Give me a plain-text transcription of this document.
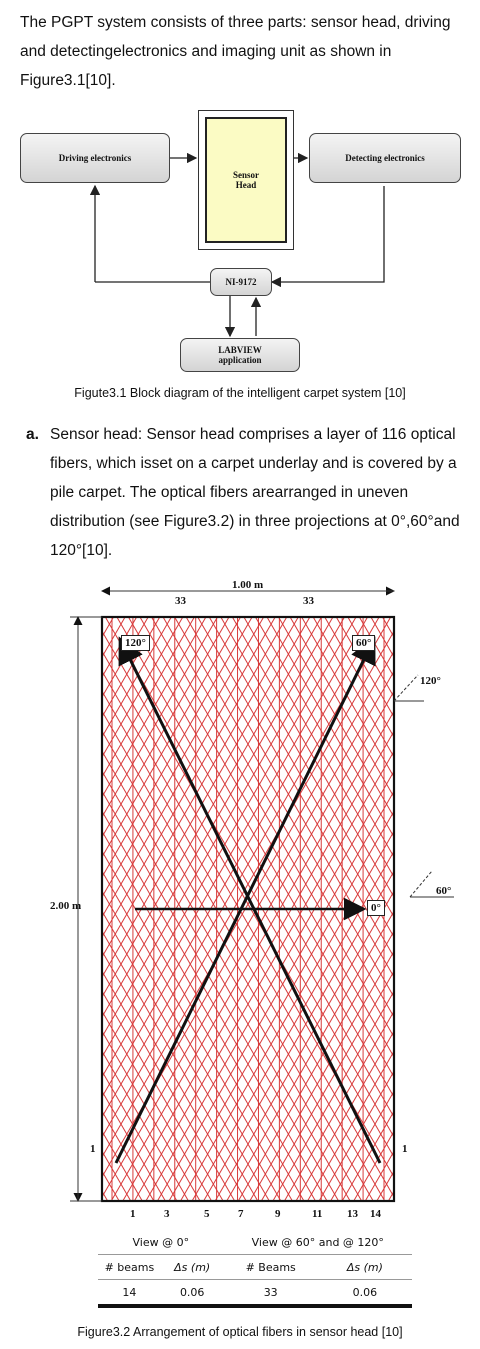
The PGPT system consists of three parts: sensor head, driving and detectingelectronics and imaging unit as shown in Figure3.1[10].
Driving electronics
Sensor
Head
Detecting electronics
NI-9172
LABVIEW
application
Figute3.1 Block diagram of the intelligent carpet system [10]
a. Sensor head: Sensor head comprises a layer of 116 optical fibers, which isset on a carpet underlay and is covered by a pile carpet. The optical fibers arearranged in uneven distribution (see Figure3.2) in three projections at 0°,60°and 120°[10].
1.00 m
33	33
2.00 m
120°	60°
0°
120°
60°
1	1
1	3	5	7	9	11 13 14
View @ 0°	View @ 60° and @ 120°
# beams	Δs (m)	# Beams	Δs (m)
14	0.06	33	0.06
Figure3.2 Arrangement of optical fibers in sensor head [10]
